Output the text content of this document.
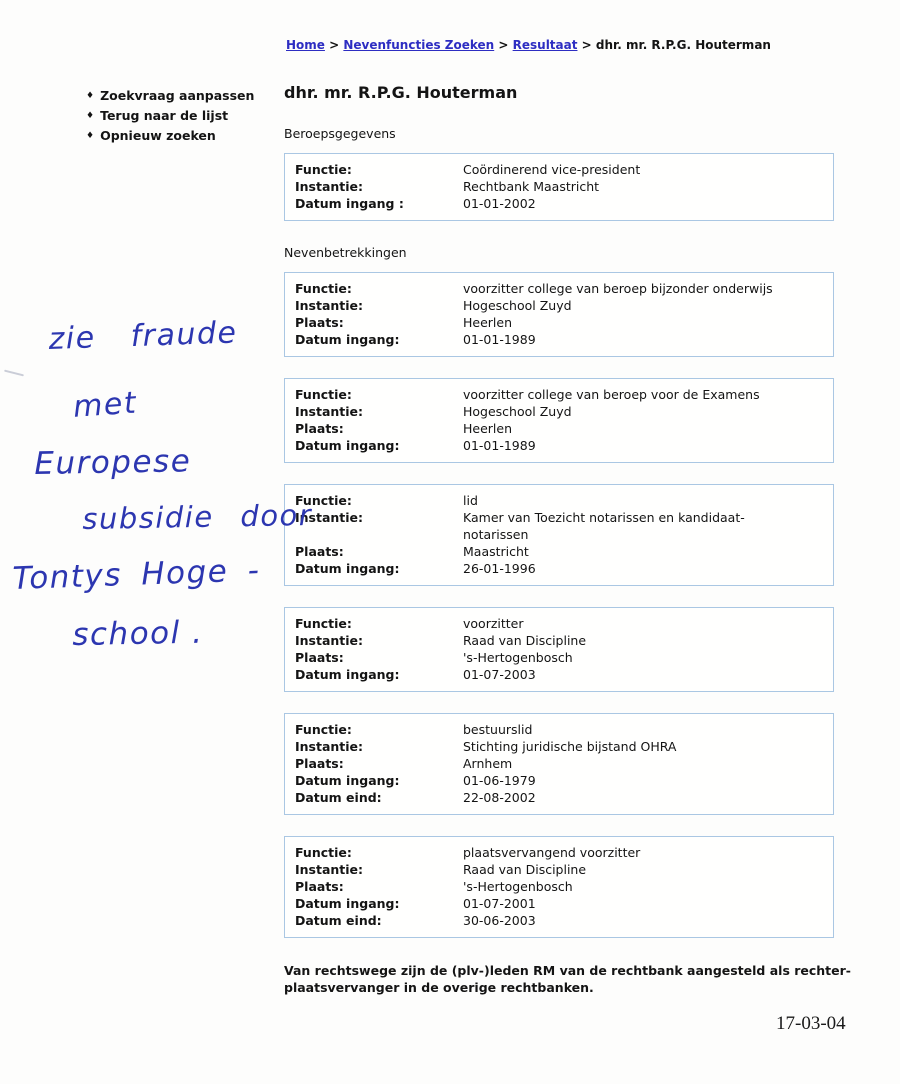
Home > Nevenfuncties Zoeken > Resultaat > dhr. mr. R.P.G. Houterman
♦ Zoekvraag aanpassen
♦ Terug naar de lijst
♦ Opnieuw zoeken
dhr. mr. R.P.G. Houterman
Beroepsgegevens
Functie:	Coördinerend vice-president
Instantie:	Rechtbank Maastricht
Datum ingang :	01-01-2002
Nevenbetrekkingen
Functie:	voorzitter college van beroep bijzonder onderwijs
Instantie:	Hogeschool Zuyd
Plaats:	Heerlen
Datum ingang:	01-01-1989
Functie:	voorzitter college van beroep voor de Examens
Instantie:	Hogeschool Zuyd
Plaats:	Heerlen
Datum ingang:	01-01-1989
Functie:	lid
Instantie:	Kamer van Toezicht notarissen en kandidaat-notarissen
Plaats:	Maastricht
Datum ingang:	26-01-1996
Functie:	voorzitter
Instantie:	Raad van Discipline
Plaats:	's-Hertogenbosch
Datum ingang:	01-07-2003
Functie:	bestuurslid
Instantie:	Stichting juridische bijstand OHRA
Plaats:	Arnhem
Datum ingang:	01-06-1979
Datum eind:	22-08-2002
Functie:	plaatsvervangend voorzitter
Instantie:	Raad van Discipline
Plaats:	's-Hertogenbosch
Datum ingang:	01-07-2001
Datum eind:	30-06-2003

Van rechtswege zijn de (plv-)leden RM van de rechtbank aangesteld als rechter-plaatsvervanger in de overige rechtbanken.

17-03-04
zie fraude
met
Europese
subsidie door
Tontys Hoge -
school .
